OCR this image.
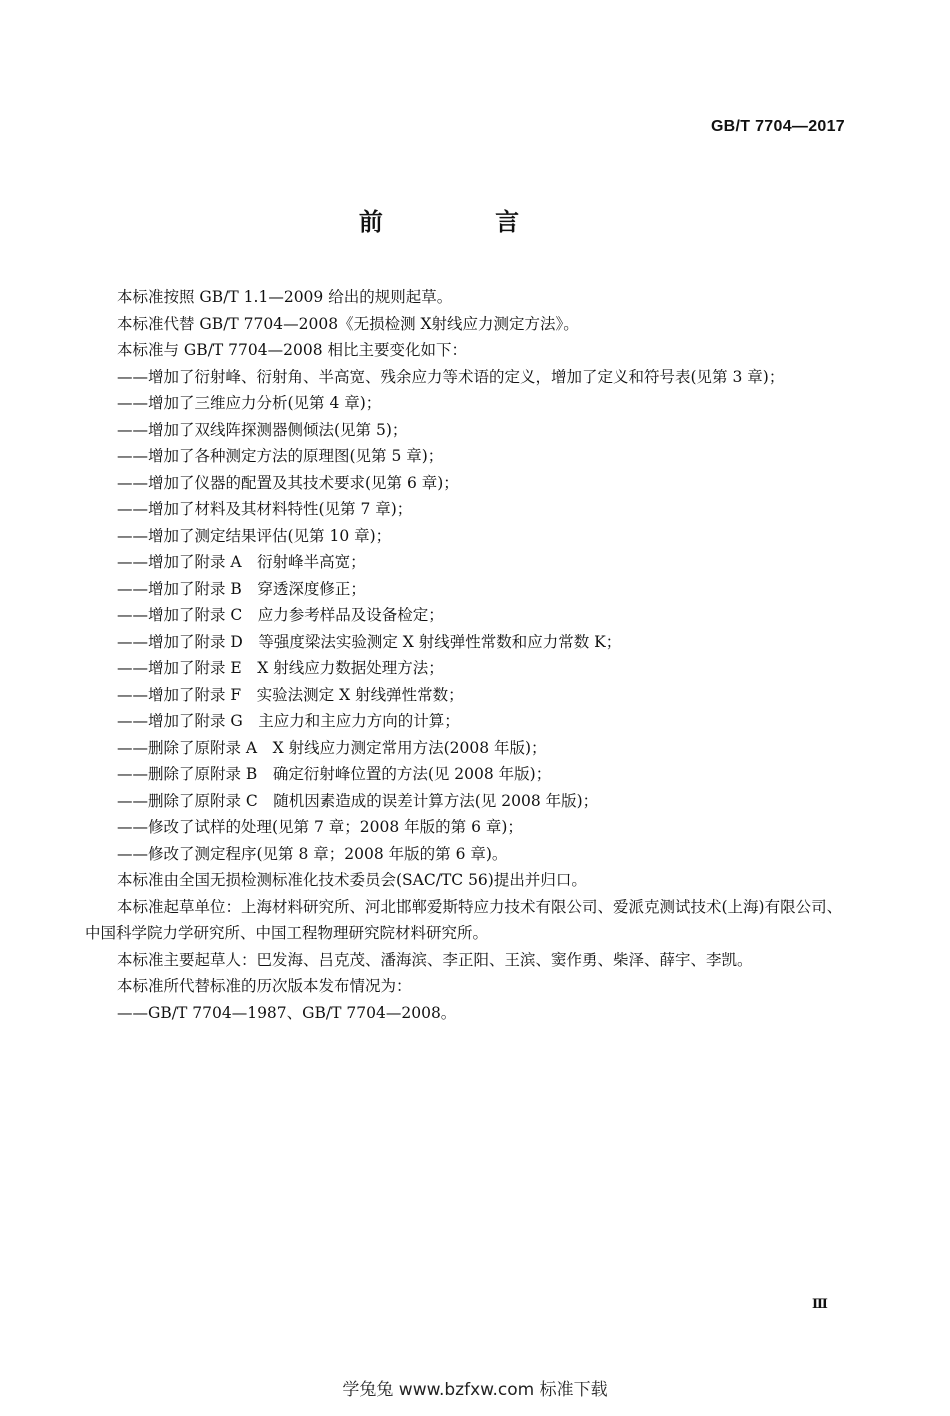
GB/T 7704—2017
前 言

本标准按照 GB/T 1.1—2009 给出的规则起草。

本标准代替 GB/T 7704—2008《无损检测 X射线应力测定方法》。

本标准与 GB/T 7704—2008 相比主要变化如下：

——增加了衍射峰、衍射角、半高宽、残余应力等术语的定义，增加了定义和符号表(见第 3 章)；

——增加了三维应力分析(见第 4 章)；

——增加了双线阵探测器侧倾法(见第 5)；

——增加了各种测定方法的原理图(见第 5 章)；

——增加了仪器的配置及其技术要求(见第 6 章)；

——增加了材料及其材料特性(见第 7 章)；

——增加了测定结果评估(见第 10 章)；

——增加了附录 A　衍射峰半高宽；

——增加了附录 B　穿透深度修正；

——增加了附录 C　应力参考样品及设备检定；

——增加了附录 D　等强度梁法实验测定 X 射线弹性常数和应力常数 K；

——增加了附录 E　X 射线应力数据处理方法；

——增加了附录 F　实验法测定 X 射线弹性常数；

——增加了附录 G　主应力和主应力方向的计算；

——删除了原附录 A　X 射线应力测定常用方法(2008 年版)；

——删除了原附录 B　确定衍射峰位置的方法(见 2008 年版)；

——删除了原附录 C　随机因素造成的误差计算方法(见 2008 年版)；

——修改了试样的处理(见第 7 章；2008 年版的第 6 章)；

——修改了测定程序(见第 8 章；2008 年版的第 6 章)。

本标准由全国无损检测标准化技术委员会(SAC/TC 56)提出并归口。

本标准起草单位：上海材料研究所、河北邯郸爱斯特应力技术有限公司、爱派克测试技术(上海)有限公司、中国科学院力学研究所、中国工程物理研究院材料研究所。

本标准主要起草人：巴发海、吕克茂、潘海滨、李正阳、王滨、窦作勇、柴泽、薛宇、李凯。

本标准所代替标准的历次版本发布情况为：

——GB/T 7704—1987、GB/T 7704—2008。

Ⅲ
学兔兔 www.bzfxw.com 标准下载
